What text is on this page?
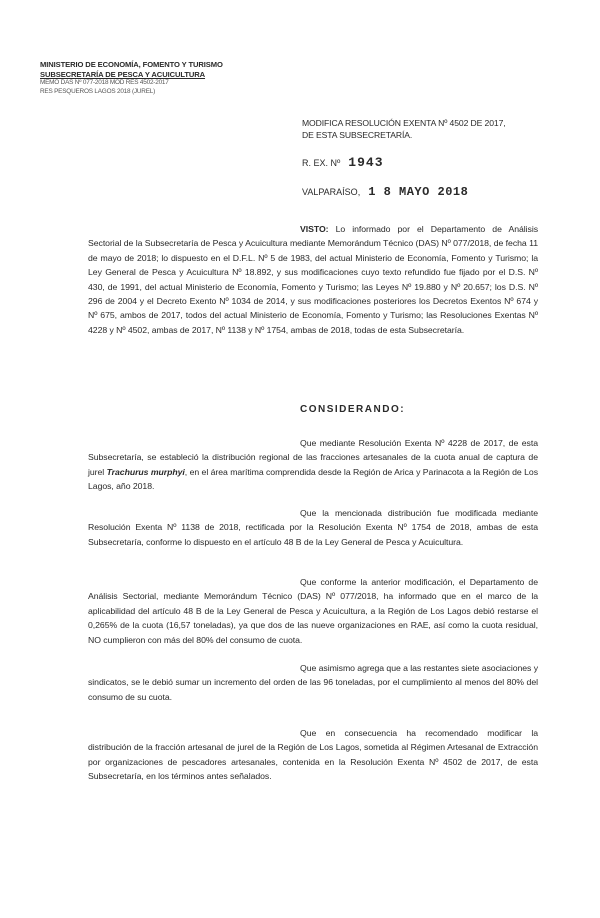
MINISTERIO DE ECONOMÍA, FOMENTO Y TURISMO
SUBSECRETARÍA DE PESCA Y ACUICULTURA
MEMO DAS Nº 077-2018 MOD RES 4502-2017
RES PESQUEROS LAGOS 2018 (JUREL)
MODIFICA RESOLUCIÓN EXENTA Nº 4502 DE 2017,
DE ESTA SUBSECRETARÍA.
R. EX. Nº 1943
VALPARAÍSO, 1 8 MAYO 2018
VISTO: Lo informado por el Departamento de Análisis Sectorial de la Subsecretaría de Pesca y Acuicultura mediante Memorándum Técnico (DAS) Nº 077/2018, de fecha 11 de mayo de 2018; lo dispuesto en el D.F.L. Nº 5 de 1983, del actual Ministerio de Economía, Fomento y Turismo; la Ley General de Pesca y Acuicultura Nº 18.892, y sus modificaciones cuyo texto refundido fue fijado por el D.S. Nº 430, de 1991, del actual Ministerio de Economía, Fomento y Turismo; las Leyes Nº 19.880 y Nº 20.657; los D.S. Nº 296 de 2004 y el Decreto Exento Nº 1034 de 2014, y sus modificaciones posteriores los Decretos Exentos Nº 674 y Nº 675, ambos de 2017, todos del actual Ministerio de Economía, Fomento y Turismo; las Resoluciones Exentas Nº 4228 y Nº 4502, ambas de 2017, Nº 1138 y Nº 1754, ambas de 2018, todas de esta Subsecretaría.
CONSIDERANDO:
Que mediante Resolución Exenta Nº 4228 de 2017, de esta Subsecretaría, se estableció la distribución regional de las fracciones artesanales de la cuota anual de captura de jurel Trachurus murphyi, en el área marítima comprendida desde la Región de Arica y Parinacota a la Región de Los Lagos, año 2018.
Que la mencionada distribución fue modificada mediante Resolución Exenta Nº 1138 de 2018, rectificada por la Resolución Exenta Nº 1754 de 2018, ambas de esta Subsecretaría, conforme lo dispuesto en el artículo 48 B de la Ley General de Pesca y Acuicultura.
Que conforme la anterior modificación, el Departamento de Análisis Sectorial, mediante Memorándum Técnico (DAS) Nº 077/2018, ha informado que en el marco de la aplicabilidad del artículo 48 B de la Ley General de Pesca y Acuicultura, a la Región de Los Lagos debió restarse el 0,265% de la cuota (16,57 toneladas), ya que dos de las nueve organizaciones en RAE, así como la cuota residual, NO cumplieron con más del 80% del consumo de cuota.
Que asimismo agrega que a las restantes siete asociaciones y sindicatos, se le debió sumar un incremento del orden de las 96 toneladas, por el cumplimiento al menos del 80% del consumo de su cuota.
Que en consecuencia ha recomendado modificar la distribución de la fracción artesanal de jurel de la Región de Los Lagos, sometida al Régimen Artesanal de Extracción por organizaciones de pescadores artesanales, contenida en la Resolución Exenta Nº 4502 de 2017, de esta Subsecretaría, en los términos antes señalados.
